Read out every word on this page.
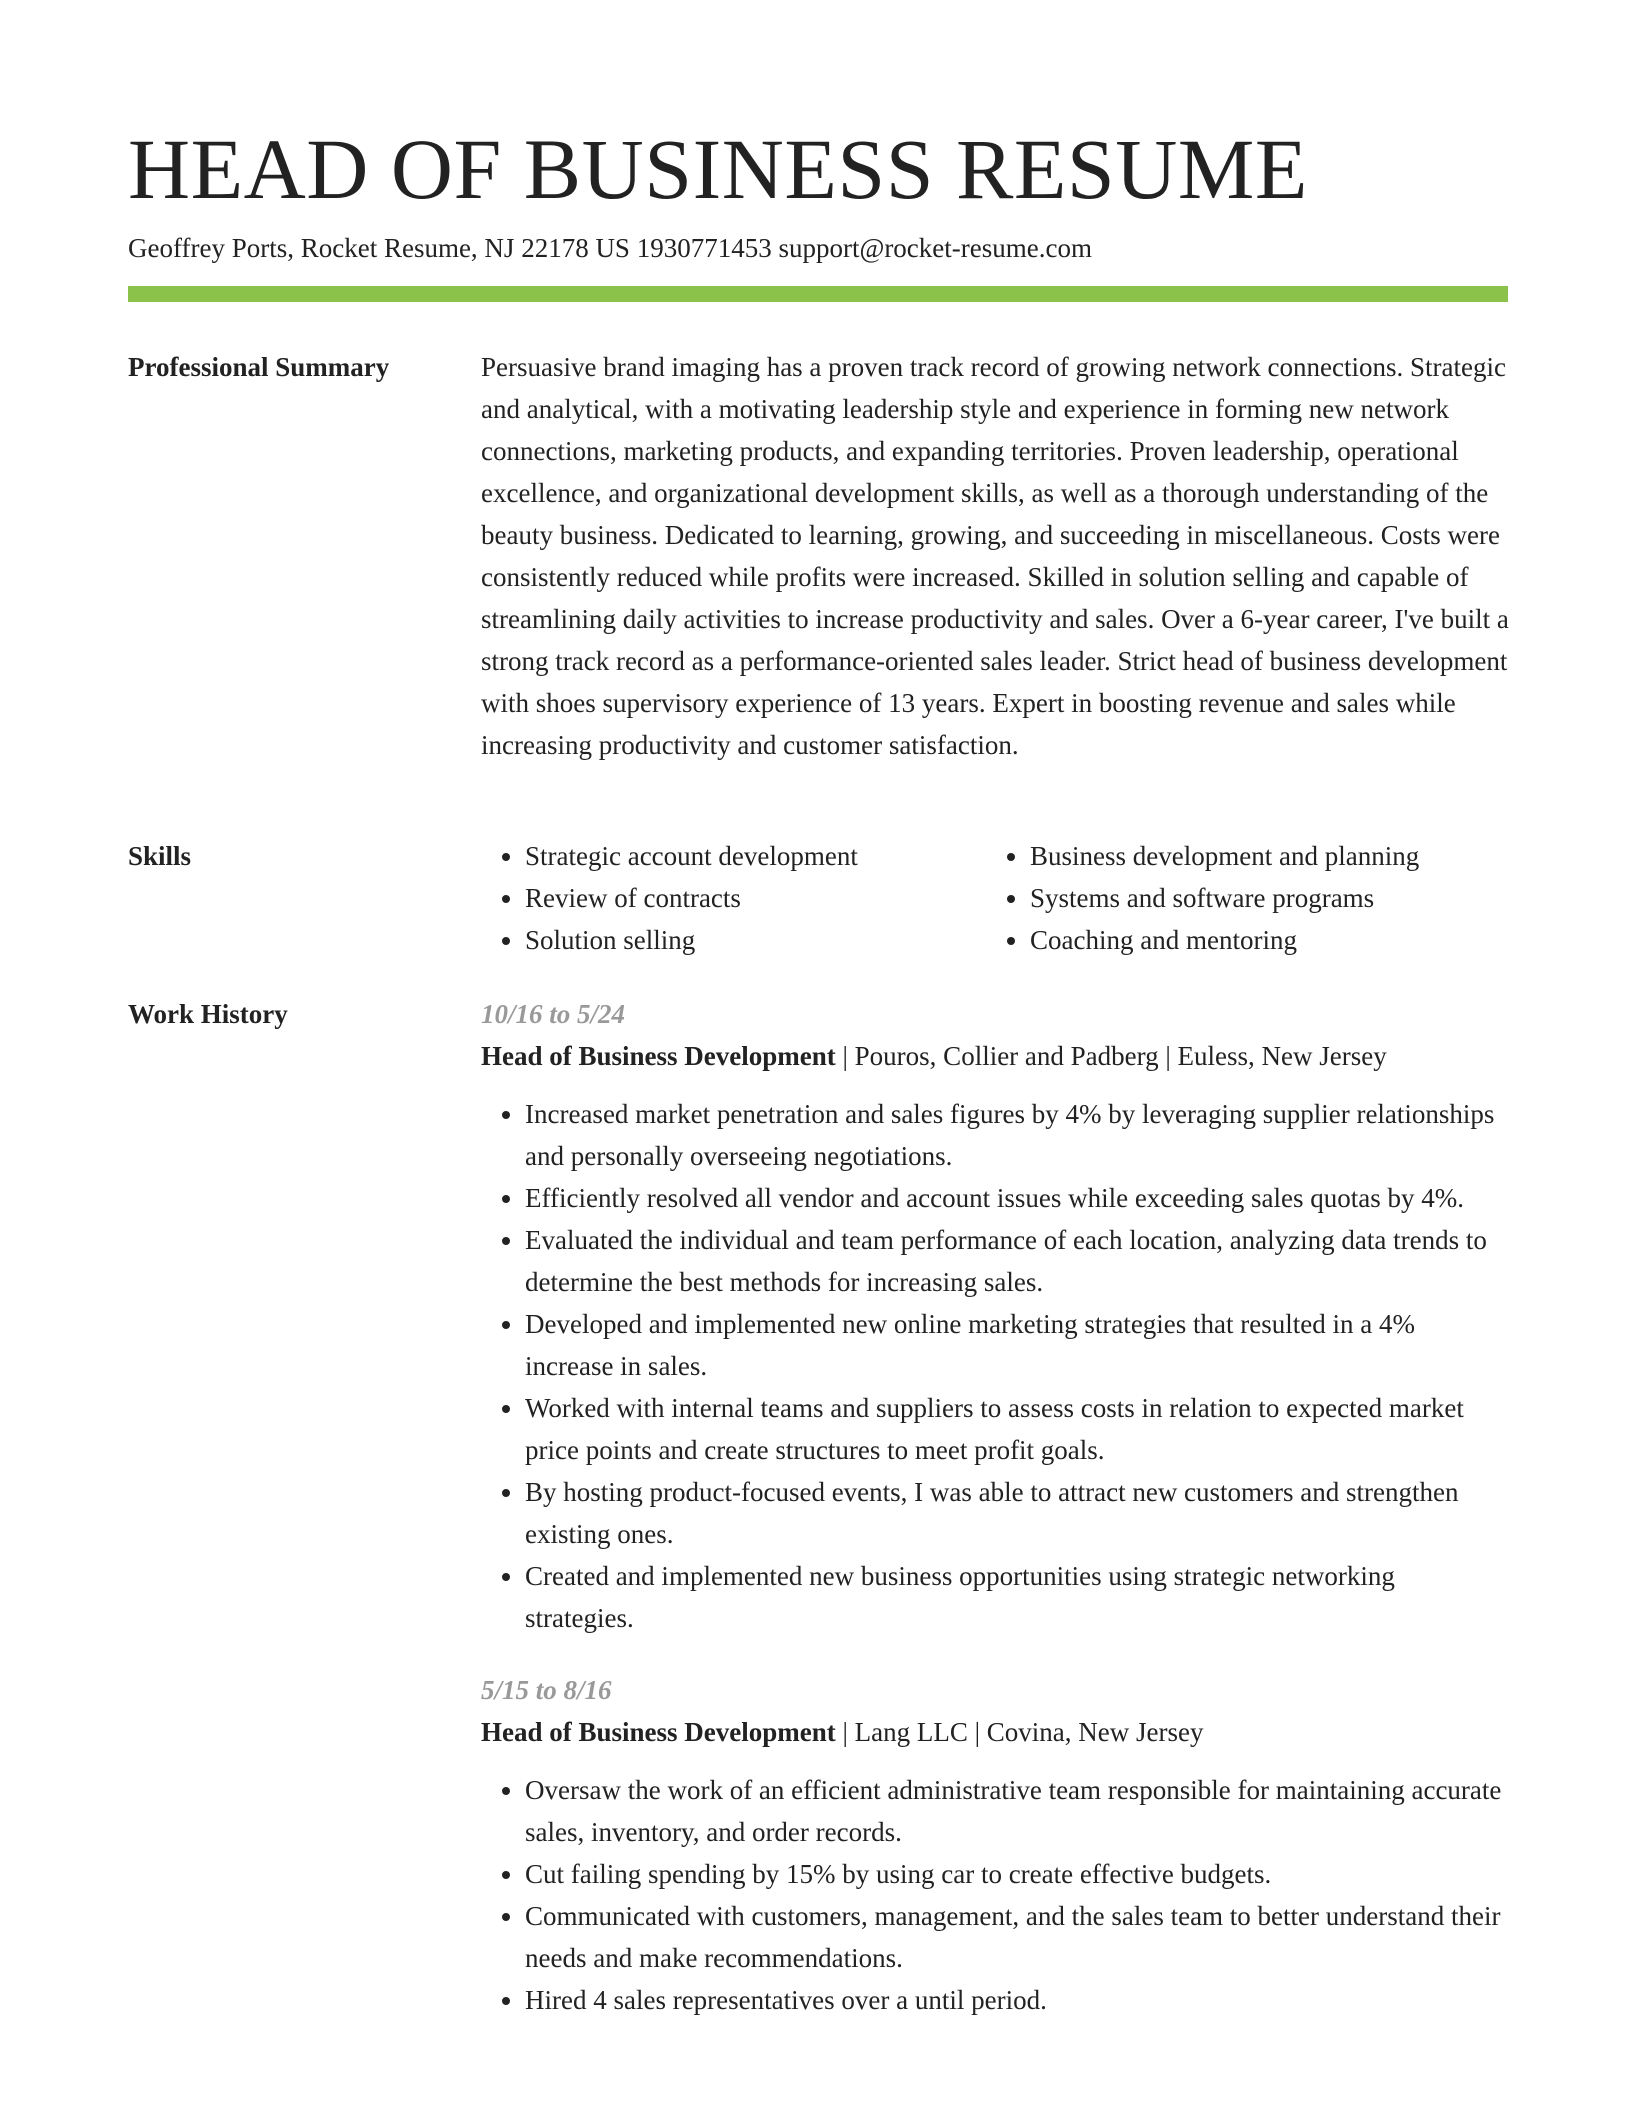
HEAD OF BUSINESS RESUME
Geoffrey Ports, Rocket Resume, NJ 22178 US 1930771453 support@rocket-resume.com
Professional Summary	Persuasive brand imaging has a proven track record of growing network connections. Strategic and analytical, with a motivating leadership style and experience in forming new network connections, marketing products, and expanding territories. Proven leadership, operational excellence, and organizational development skills, as well as a thorough understanding of the beauty business. Dedicated to learning, growing, and succeeding in miscellaneous. Costs were consistently reduced while profits were increased. Skilled in solution selling and capable of streamlining daily activities to increase productivity and sales. Over a 6-year career, I've built a strong track record as a performance-oriented sales leader. Strict head of business development with shoes supervisory experience of 13 years. Expert in boosting revenue and sales while increasing productivity and customer satisfaction.

Skills
•	Strategic account development
• Review of contracts
• Solution selling
• Business development and planning
• Systems and software programs
• Coaching and mentoring
Work History	10/16 to 5/24
Head of Business Development | Pouros, Collier and Padberg | Euless, New Jersey
• Increased market penetration and sales figures by 4% by leveraging supplier relationships and personally overseeing negotiations.
• Efficiently resolved all vendor and account issues while exceeding sales quotas by 4%.
• Evaluated the individual and team performance of each location, analyzing data trends to determine the best methods for increasing sales.
• Developed and implemented new online marketing strategies that resulted in a 4% increase in sales.
• Worked with internal teams and suppliers to assess costs in relation to expected market price points and create structures to meet profit goals.
• By hosting product-focused events, I was able to attract new customers and strengthen existing ones.
• Created and implemented new business opportunities using strategic networking strategies.
5/15 to 8/16
Head of Business Development | Lang LLC | Covina, New Jersey
• Oversaw the work of an efficient administrative team responsible for maintaining accurate sales, inventory, and order records.
• Cut failing spending by 15% by using car to create effective budgets.
• Communicated with customers, management, and the sales team to better understand their needs and make recommendations.
• Hired 4 sales representatives over a until period.
